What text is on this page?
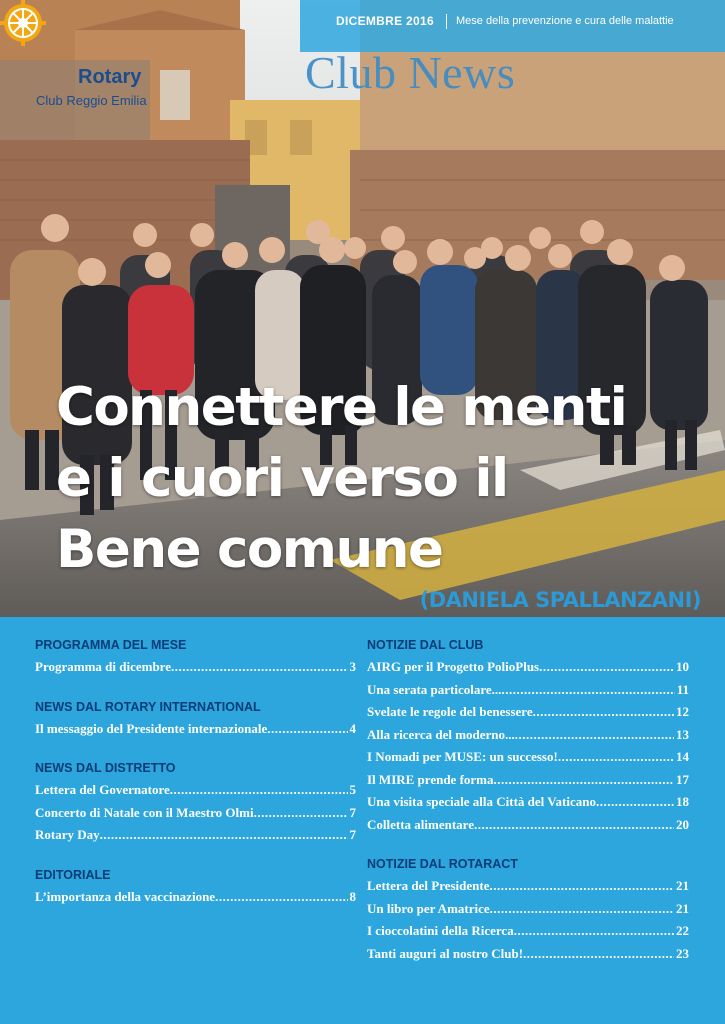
DICEMBRE 2016 Mese della prevenzione e cura delle malattie
Club News
Rotary
Club Reggio Emilia
Connettere le menti
e i cuori verso il
Bene comune
(DANIELA SPALLANZANI)
PROGRAMMA DEL MESE
Programma di dicembre .....	3
NEWS DAL ROTARY INTERNATIONAL
Il messaggio del Presidente internazionale .....	4
NEWS DAL DISTRETTO
Lettera del Governatore .....	5
Concerto di Natale con il Maestro Olmi .....	7
Rotary Day .....	7
EDITORIALE
L’importanza della vaccinazione .....	8
NOTIZIE DAL CLUB
AIRG per il Progetto PolioPlus .....	10
Una serata particolare... .....	11
Svelate le regole del benessere .....	12
Alla ricerca del moderno... .....	13
I Nomadi per MUSE: un successo! .....	14
Il MIRE prende forma .....	17
Una visita speciale alla Città del Vaticano .....	18
Colletta alimentare .....	20
NOTIZIE DAL ROTARACT
Lettera del Presidente .....	21
Un libro per Amatrice .....	21
I cioccolatini della Ricerca .....	22
Tanti auguri al nostro Club! .....	23
